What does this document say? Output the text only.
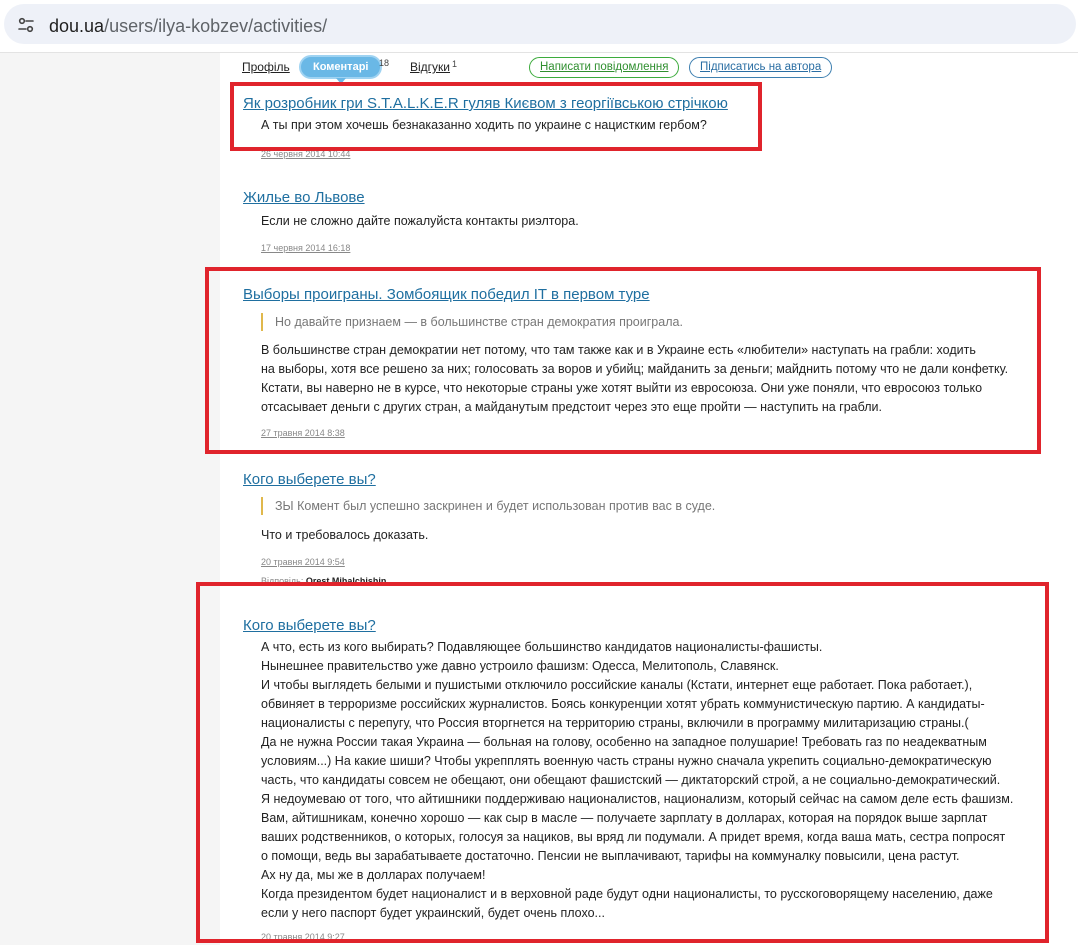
dou.ua/users/ilya-kobzev/activities/
Профіль	Коментарі	18 Відгуки 1	Написати повідомлення	Підписатись на автора
Як розробник гри S.T.A.L.K.E.R гуляв Києвом з георгіївською стрічкою
А ты при этом хочешь безнаказанно ходить по украине с нацистким гербом?
26 червня 2014 10:44
Жилье во Львове
Если не сложно дайте пожалуйста контакты риэлтора.
17 червня 2014 16:18
Выборы проиграны. Зомбоящик победил IT в первом туре
Но давайте признаем — в большинстве стран демократия проиграла.
В большинстве стран демократии нет потому, что там также как и в Украине есть «любители» наступать на грабли: ходить
на выборы, хотя все решено за них; голосовать за воров и убийц; майданить за деньги; майднить потому что не дали конфетку.
Кстати, вы наверно не в курсе, что некоторые страны уже хотят выйти из евросоюза. Они уже поняли, что евросоюз только
отсасывает деньги с других стран, а майданутым предстоит через это еще пройти — наступить на грабли.
27 травня 2014 8:38
Кого выберете вы?
ЗЫ Комент был успешно заскринен и будет использован против вас в суде.
Что и требовалось доказать.
20 травня 2014 9:54
Відповідь: Orest Mihalchishin
Кого выберете вы?
А что, есть из кого выбирать? Подавляющее большинство кандидатов националисты-фашисты.
Нынешнее правительство уже давно устроило фашизм: Одесса, Мелитополь, Славянск.
И чтобы выглядеть белыми и пушистыми отключило российские каналы (Кстати, интернет еще работает. Пока работает.),
обвиняет в терроризме российских журналистов. Боясь конкуренции хотят убрать коммунистическую партию. А кандидаты-
националисты с перепугу, что Россия вторгнется на территорию страны, включили в программу милитаризацию страны.(
Да не нужна России такая Украина — больная на голову, особенно на западное полушарие! Требовать газ по неадекватным
условиям...) На какие шиши? Чтобы укрепплять военную часть страны нужно сначала укрепить социально-демократическую
часть, что кандидаты совсем не обещают, они обещают фашистский — диктаторский строй, а не социально-демократический.
Я недоумеваю от того, что айтишники поддерживаю националистов, национализм, который сейчас на самом деле есть фашизм.
Вам, айтишникам, конечно хорошо — как сыр в масле — получаете зарплату в долларах, которая на порядок выше зарплат
ваших родственников, о которых, голосуя за нациков, вы вряд ли подумали. А придет время, когда ваша мать, сестра попросят
о помощи, ведь вы зарабатываете достаточно. Пенсии не выплачивают, тарифы на коммуналку повысили, цена растут.
Ах ну да, мы же в долларах получаем!
Когда президентом будет националист и в верховной раде будут одни националисты, то русскоговорящему населению, даже
если у него паспорт будет украинский, будет очень плохо...
20 травня 2014 9:27
